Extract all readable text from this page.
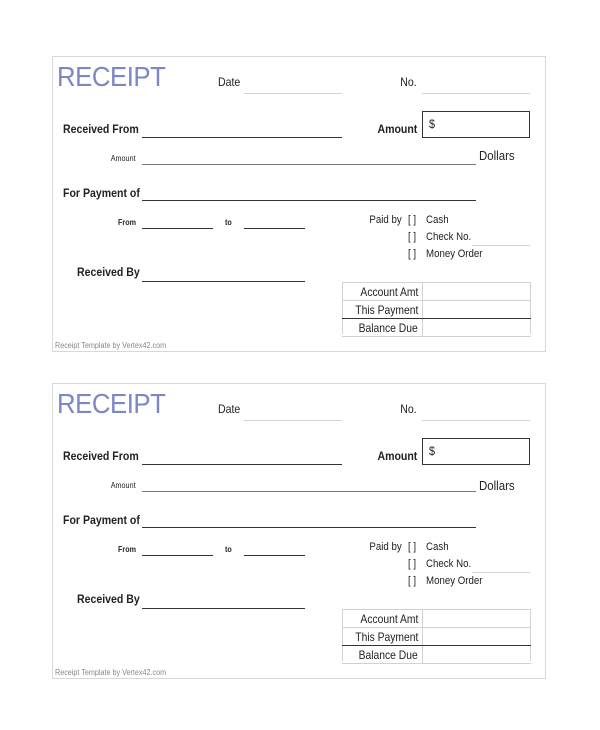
RECEIPT	Date	No.
Received From	Amount $
Amount	Dollars
For Payment of
From	to	Paid by [ ] Cash
[ ] Check No.
[ ] Money Order
Received By
Account Amt
This Payment
Balance Due
Receipt Template by Vertex42.com
RECEIPT	Date	No.
Received From	Amount $
Amount	Dollars
For Payment of
From	to	Paid by [ ] Cash
[ ] Check No.
[ ] Money Order
Received By
Account Amt
This Payment
Balance Due
Receipt Template by Vertex42.com
